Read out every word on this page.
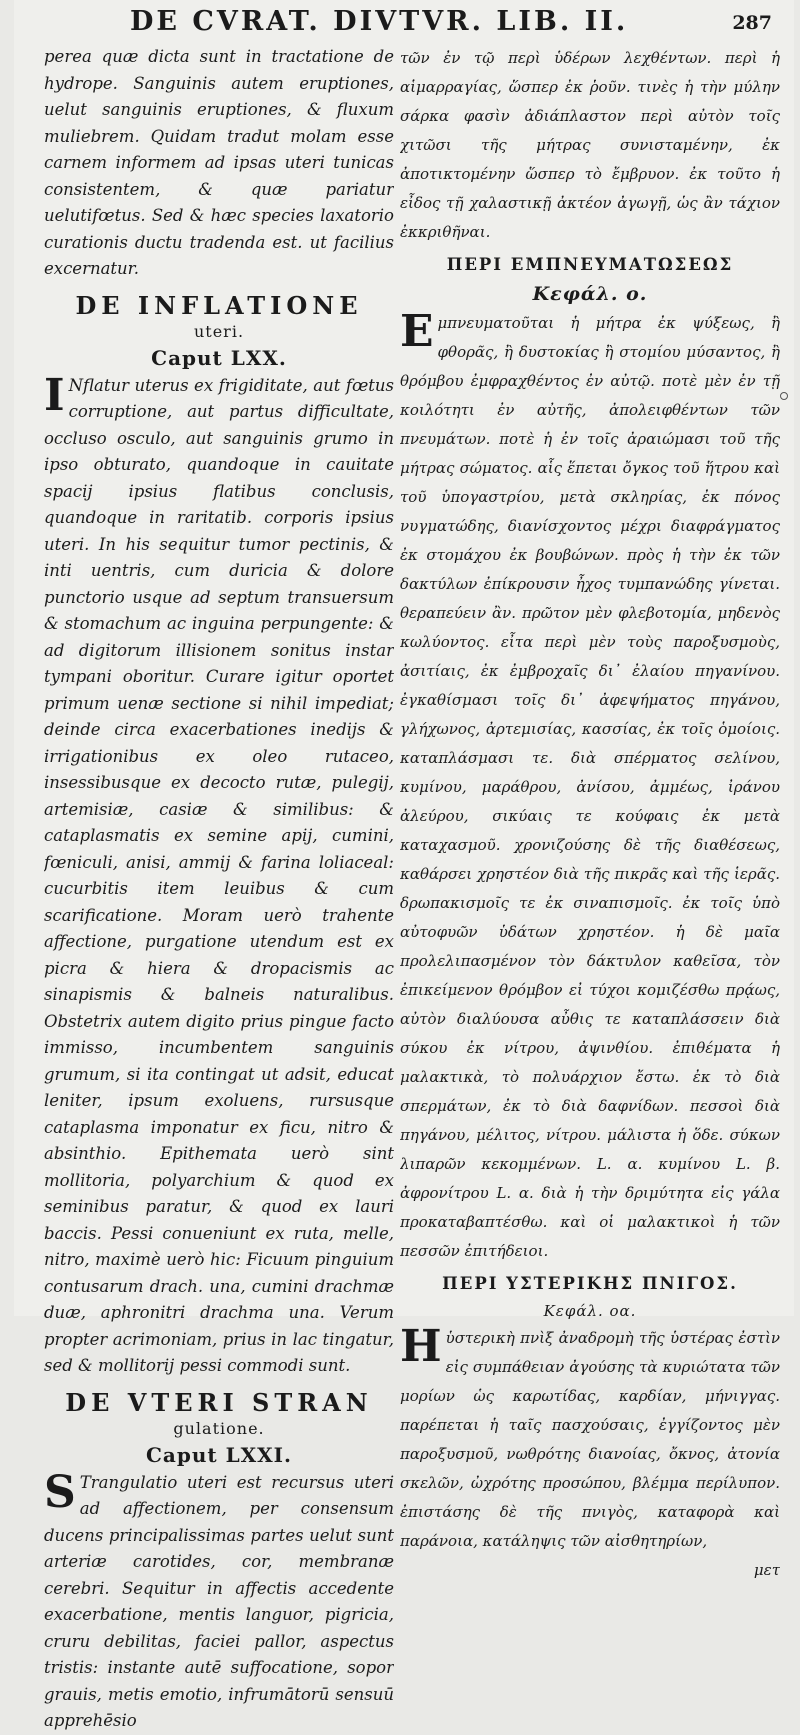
DE CVRAT. DIVTVR. LIB. II.	287

perea quæ dicta sunt in tractatione de hydrope. Sanguinis autem eruptiones, uelut sanguinis eruptiones, & fluxum muliebrem. Quidam tradut molam esse carnem informem ad ipsas uteri tunicas consistentem, & quæ pariatur uelutifœtus. Sed & hæc species laxatorio curationis ductu tradenda est. ut facilius excernatur.

DE INFLATIONE
uteri.
Caput LXX.

I Nflatur uterus ex frigiditate, aut fœtus corruptione, aut partus difficultate, occluso osculo, aut sanguinis grumo in ipso obturato, quandoque in cauitate spacij ipsius flatibus conclusis, quandoque in raritatib. corporis ipsius uteri. In his sequitur tumor pectinis, & inti uentris, cum duricia & dolore punctorio usque ad septum transuersum & stomachum ac inguina perpungente: & ad digitorum illisionem sonitus instar tympani oboritur. Curare igitur oportet primum uenæ sectione si nihil impediat; deinde circa exacerbationes inedijs & irrigationibus ex oleo rutaceo, insessibusque ex decocto rutæ, pulegij, artemisiæ, casiæ & similibus: & cataplasmatis ex semine apij, cumini, fœniculi, anisi, ammij & farina loliaceal: cucurbitis item leuibus & cum scarificatione. Moram uerò trahente affectione, purgatione utendum est ex picra & hiera & dropacismis ac sinapismis & balneis naturalibus. Obstetrix autem digito prius pingue facto immisso, incumbentem sanguinis grumum, si ita contingat ut adsit, educat leniter, ipsum exoluens, rursusque cataplasma imponatur ex ficu, nitro & absinthio. Epithemata uerò sint mollitoria, polyarchium & quod ex seminibus paratur, & quod ex lauri baccis. Pessi conueniunt ex ruta, melle, nitro, maximè uerò hic: Ficuum pinguium contusarum drach. una, cumini drachmæ duæ, aphronitri drachma una. Verum propter acrimoniam, prius in lac tingatur, sed & mollitorij pessi commodi sunt.

DE VTERI STRAN
gulatione.
Caput LXXI.

S Trangulatio uteri est recursus uteri ad affectionem, per consensum ducens principalissimas partes uelut sunt arteriæ carotides, cor, membranæ cerebri. Sequitur in affectis accedente exacerbatione, mentis languor, pigricia, cruru debilitas, faciei pallor, aspectus tristis: instante autē suffocatione, sopor grauis, metis emotio, infrumātorū sensuū apprehēsio

τῶν ἐν τῷ περὶ ὑδέρων λεχθέντων. περὶ ἡ αἱμαρραγίας, ὥσπερ ἐκ ῥοῦν. τινὲς ἡ τὴν μύλην σάρκα φασὶν ἀδιάπλαστον περὶ αὐτὸν τοῖς χιτῶσι τῆς μήτρας συνισταμένην, ἐκ ἀποτικτομένην ὥσπερ τὸ ἔμβρυον. ἐκ τοῦτο ἡ εἶδος τῇ χαλαστικῇ ἀκτέον ἀγωγῇ, ὡς ἂν τάχιον ἐκκριθῆναι.

ΠΕΡΙ ΕΜΠΝΕΥΜΑΤΩΣΕΩΣ
Κεφάλ. ο.

Εμπνευματοῦται ἡ μήτρα ἐκ ψύξεως, ἢ φθορᾶς, ἢ δυστοκίας ἢ στομίου μύσαντος, ἢ θρόμβου ἐμφραχθέντος ἐν αὐτῷ. ποτὲ μὲν ἐν τῇ κοιλότητι ἐν αὐτῆς, ἀπολειφθέντων τῶν πνευμάτων. ποτὲ ἡ ἐν τοῖς ἀραιώμασι τοῦ τῆς μήτρας σώματος. αἷς ἕπεται ὄγκος τοῦ ἥτρου καὶ τοῦ ὑπογαστρίου, μετὰ σκληρίας, ἐκ πόνος νυγματώδης, διανίσχοντος μέχρι διαφράγματος ἐκ στομάχου ἐκ βουβώνων. πρὸς ἡ τὴν ἐκ τῶν δακτύλων ἐπίκρουσιν ἦχος τυμπανώδης γίνεται. θεραπεύειν ἂν. πρῶτον μὲν φλεβοτομία, μηδενὸς κωλύοντος. εἶτα περὶ μὲν τοὺς παροξυσμοὺς, ἀσιτίαις, ἐκ ἐμβροχαῖς δι᾽ ἐλαίου πηγανίνου. ἐγκαθίσμασι τοῖς δι᾽ ἀφεψήματος πηγάνου, γλήχωνος, ἀρτεμισίας, κασσίας, ἐκ τοῖς ὁμοίοις. καταπλάσμασι τε. διὰ σπέρματος σελίνου, κυμίνου, μαράθρου, ἀνίσου, ἀμμέως, ἰράνου ἀλεύρου, σικύαις τε κούφαις ἐκ μετὰ καταχασμοῦ. χρονιζούσης δὲ τῆς διαθέσεως, καθάρσει χρηστέον διὰ τῆς πικρᾶς καὶ τῆς ἱερᾶς. δρωπακισμοῖς τε ἐκ σιναπισμοῖς. ἐκ τοῖς ὑπὸ αὐτοφυῶν ὑδάτων χρηστέον. ἡ δὲ μαῖα προλελιπασμένον τὸν δάκτυλον καθεῖσα, τὸν ἐπικείμενον θρόμβον εἰ τύχοι κομιζέσθω πρᾴως, αὐτὸν διαλύουσα αὖθις τε καταπλάσσειν διὰ σύκου ἐκ νίτρου, ἀψινθίου. ἐπιθέματα ἡ μαλακτικὰ, τὸ πολυάρχιον ἔστω. ἐκ τὸ διὰ σπερμάτων, ἐκ τὸ διὰ δαφνίδων. πεσσοὶ διὰ πηγάνου, μέλιτος, νίτρου. μάλιστα ἡ ὅδε. σύκων λιπαρῶν κεκομμένων. L. α. κυμίνου L. β. ἀφρονίτρου L. α. διὰ ἡ τὴν δριμύτητα εἰς γάλα προκαταβαπτέσθω. καὶ οἱ μαλακτικοὶ ἡ τῶν πεσσῶν ἐπιτήδειοι.

ΠΕΡΙ ΥΣΤΕΡΙΚΗΣ ΠΝΙΓΟΣ.
Κεφάλ. οα.

Ηὑστερικὴ πνὶξ ἀναδρομὴ τῆς ὑστέρας ἐστὶν εἰς συμπάθειαν ἀγούσης τὰ κυριώτατα τῶν μορίων ὡς καρωτίδας, καρδίαν, μήνιγγας. παρέπεται ἡ ταῖς πασχούσαις, ἐγγίζοντος μὲν παροξυσμοῦ, νωθρότης διανοίας, ὄκνος, ἀτονία σκελῶν, ὠχρότης προσώπου, βλέμμα περίλυπον. ἐπιστάσης δὲ τῆς πνιγὸς, καταφορὰ καὶ παράνοια, κατάληψις τῶν αἰσθητηρίων,

μετ
